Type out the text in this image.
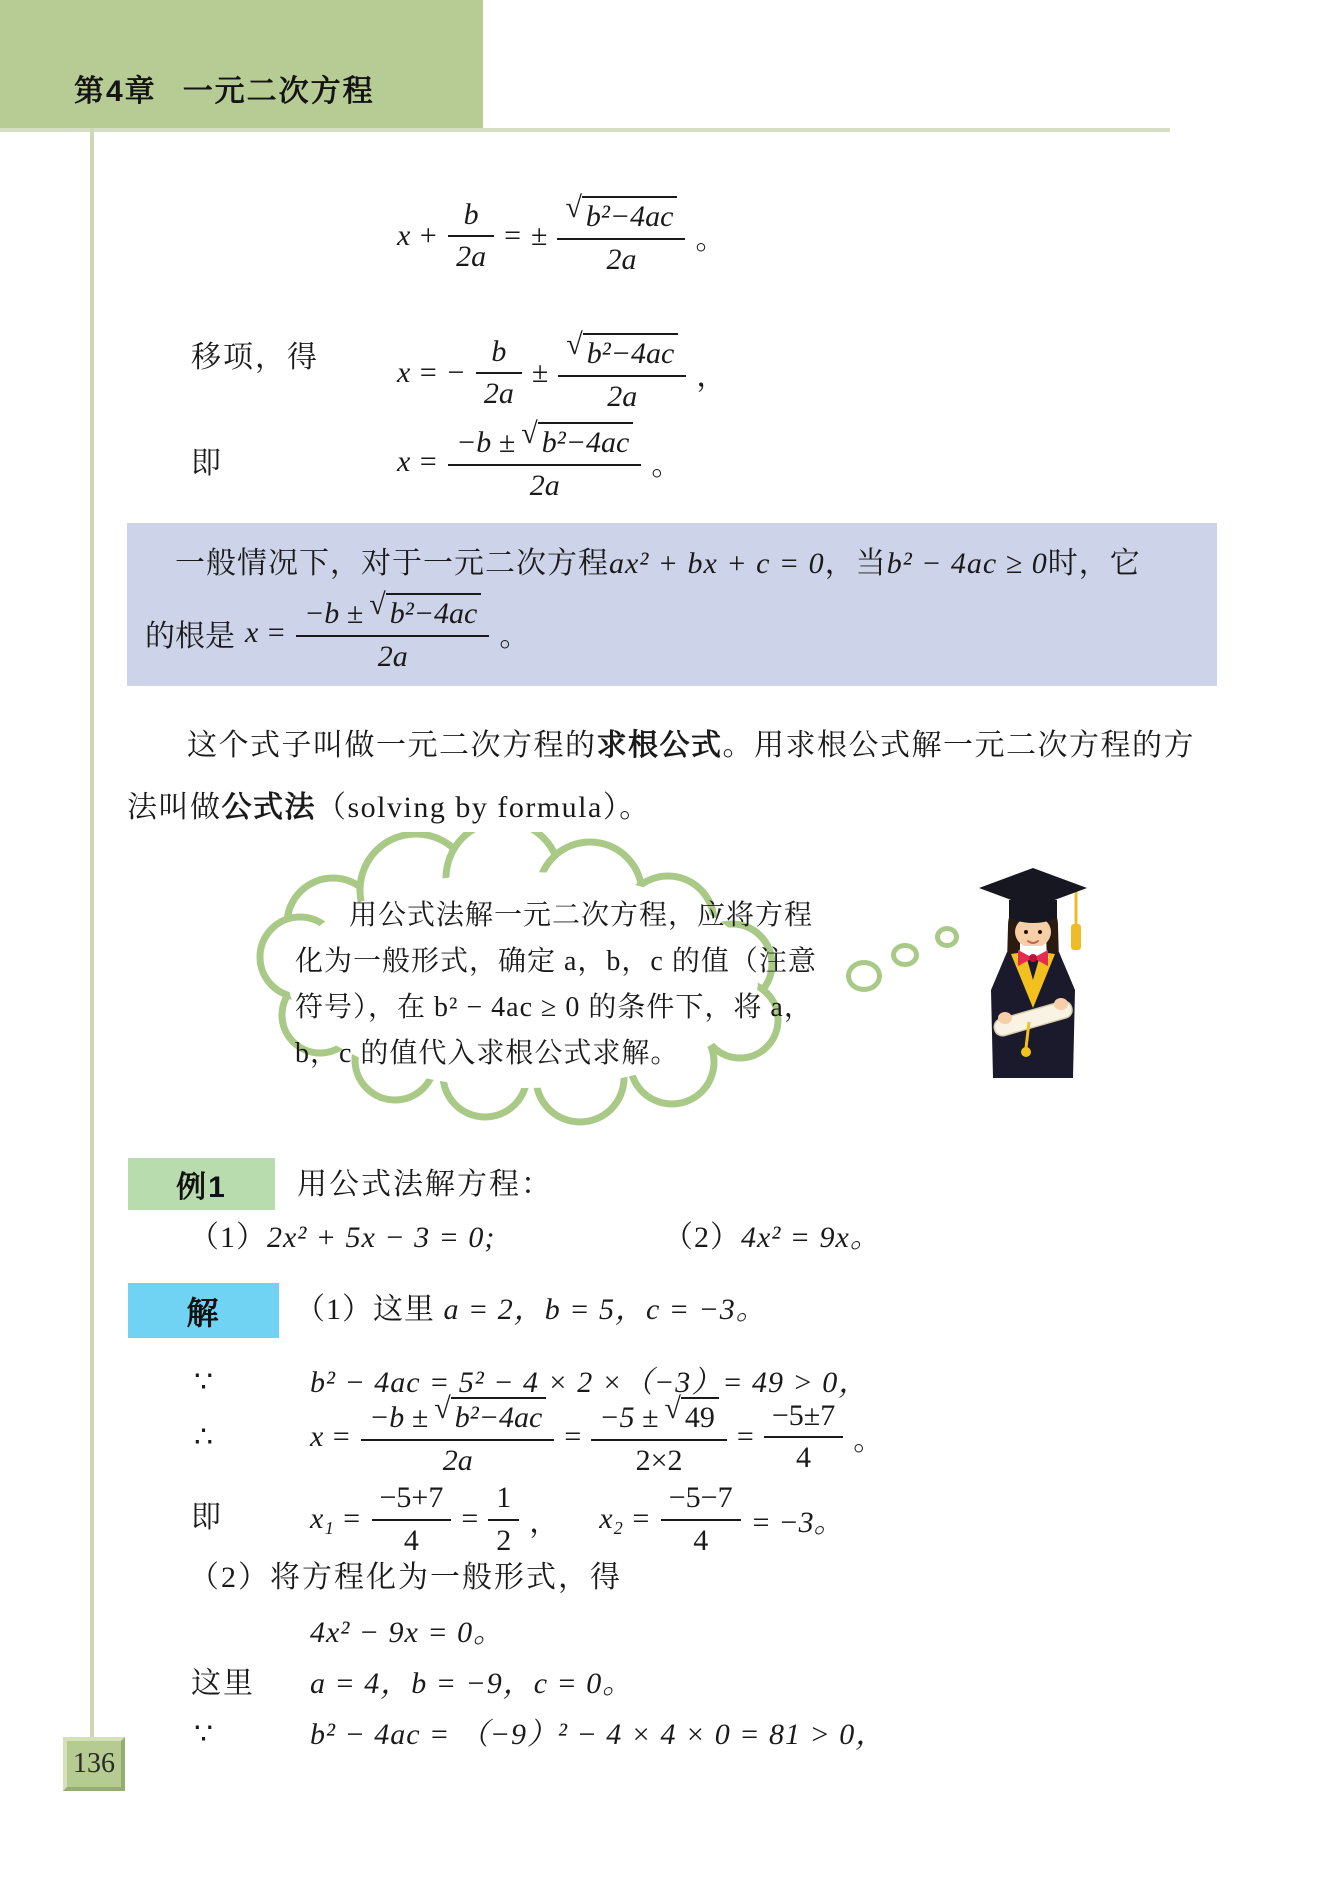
第4章 一元二次方程
$x + \frac{b}{2a}$ = ± $\frac{\text{√ b²−4ac}}{2a}$ 。
移项，得	x = − $\frac{b}{2a} \pm \frac{\text{√ b²−4ac}}{2a}$ ，
即	$x = \frac{\text{−b ± √ b²−4ac}}{2a}$ 。
一般情况下，对于一元二次方程ax² + bx + c = 0，当b² − 4ac ≥ 0时，它
的根是 $x = \frac{\text{−b ± √ b²−4ac}}{2a}$ 。
这个式子叫做一元二次方程的求根公式。用求根公式解一元二次方程的方
法叫做公式法（solving by formula）。
用公式法解一元二次方程，应将方程
化为一般形式，确定 a，b，c 的值（注意
符号），在 b² − 4ac ≥ 0 的条件下，将 a，
b，c 的值代入求根公式求解。
例1	用公式法解方程：
（1）2x² + 5x − 3 = 0;	（2）4x² = 9x。
解	（1）这里 a = 2，b = 5，c = −3。
∵	b² − 4ac = 5² − 4 × 2 ×（−3）= 49 > 0，
∴	$x = \frac{\text{−b ± √ b²−4ac}}{2a} = \frac{-5 \pm √ 49}{2\times 2} = \frac{-5\pm 7}{4}$ 。
即	$x_1 = \frac{-5+7}{4} = \frac{1}{2}$ ， $x_2 = \frac{-5-7}{4} = -3$。
（2）将方程化为一般形式，得
4x² − 9x = 0。
这里 a = 4，b = −9，c = 0。
∵	b² − 4ac = （−9）² − 4 × 4 × 0 = 81 > 0，
136
